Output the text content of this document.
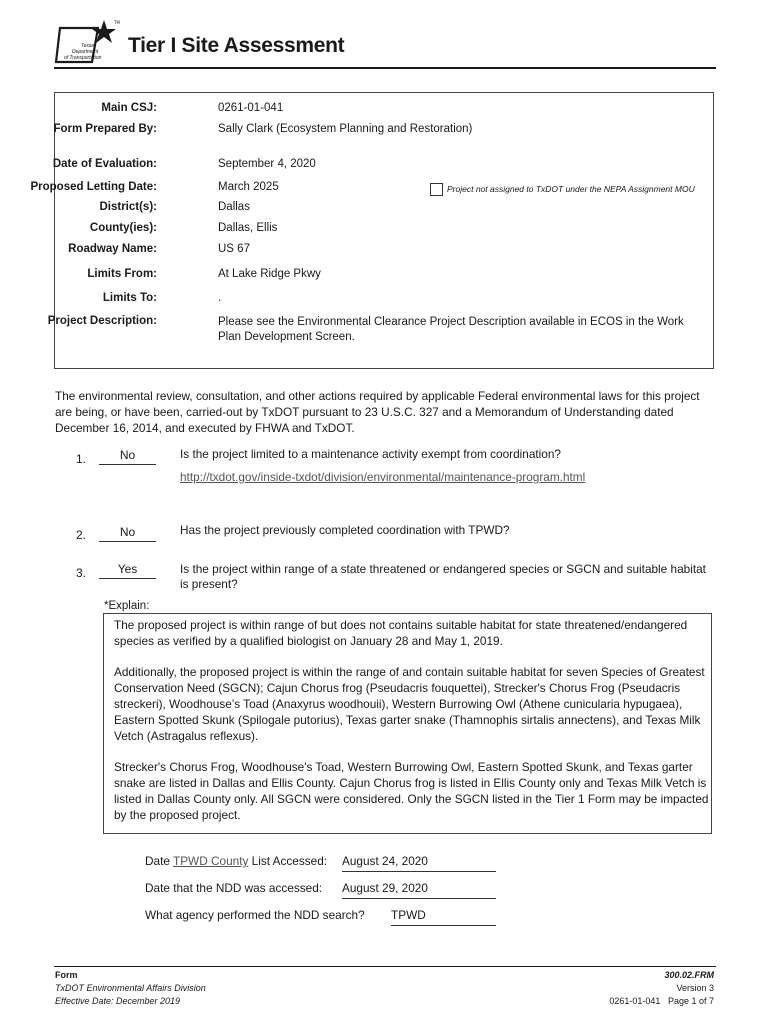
TM
Texas
Department
of Transportation
Tier I Site Assessment
Main CSJ:	0261-01-041
Form Prepared By:	Sally Clark (Ecosystem Planning and Restoration)
Date of Evaluation:	September 4, 2020
Proposed Letting Date:	March 2025
District(s):	Dallas
County(ies):	Dallas, Ellis
Roadway Name:	US 67
Limits From:	At Lake Ridge Pkwy
Limits To:	.
Project Description:	Please see the Environmental Clearance Project Description available in ECOS in the Work Plan Development Screen.
Project not assigned to TxDOT under the NEPA Assignment MOU
The environmental review, consultation, and other actions required by applicable Federal environmental laws for this project are being, or have been, carried-out by TxDOT pursuant to 23 U.S.C. 327 and a Memorandum of Understanding dated December 16, 2014, and executed by FHWA and TxDOT.
1.	No	Is the project limited to a maintenance activity exempt from coordination?
http://txdot.gov/inside-txdot/division/environmental/maintenance-program.html
2.	No	Has the project previously completed coordination with TPWD?
3.	Yes	Is the project within range of a state threatened or endangered species or SGCN and suitable habitat is present?
*Explain:

The proposed project is within range of but does not contains suitable habitat for state threatened/endangered species as verified by a qualified biologist on January 28 and May 1, 2019.

Additionally, the proposed project is within the range of and contain suitable habitat for seven Species of Greatest Conservation Need (SGCN); Cajun Chorus frog (Pseudacris fouquettei), Strecker's Chorus Frog (Pseudacris streckeri), Woodhouse’s Toad (Anaxyrus woodhouii), Western Burrowing Owl (Athene cunicularia hypugaea), Eastern Spotted Skunk (Spilogale putorius), Texas garter snake (Thamnophis sirtalis annectens), and Texas Milk Vetch (Astragalus reflexus).

Strecker's Chorus Frog, Woodhouse's Toad, Western Burrowing Owl, Eastern Spotted Skunk, and Texas garter snake are listed in Dallas and Ellis County. Cajun Chorus frog is listed in Ellis County only and Texas Milk Vetch is listed in Dallas County only. All SGCN were considered. Only the SGCN listed in the Tier 1 Form may be impacted by the proposed project.

Date TPWD County List Accessed: August 24, 2020
Date that the NDD was accessed: August 29, 2020
What agency performed the NDD search? TPWD
Form
TxDOT Environmental Affairs Division
Effective Date: December 2019
300.02.FRM
Version 3
0261-01-041 Page 1 of 7
